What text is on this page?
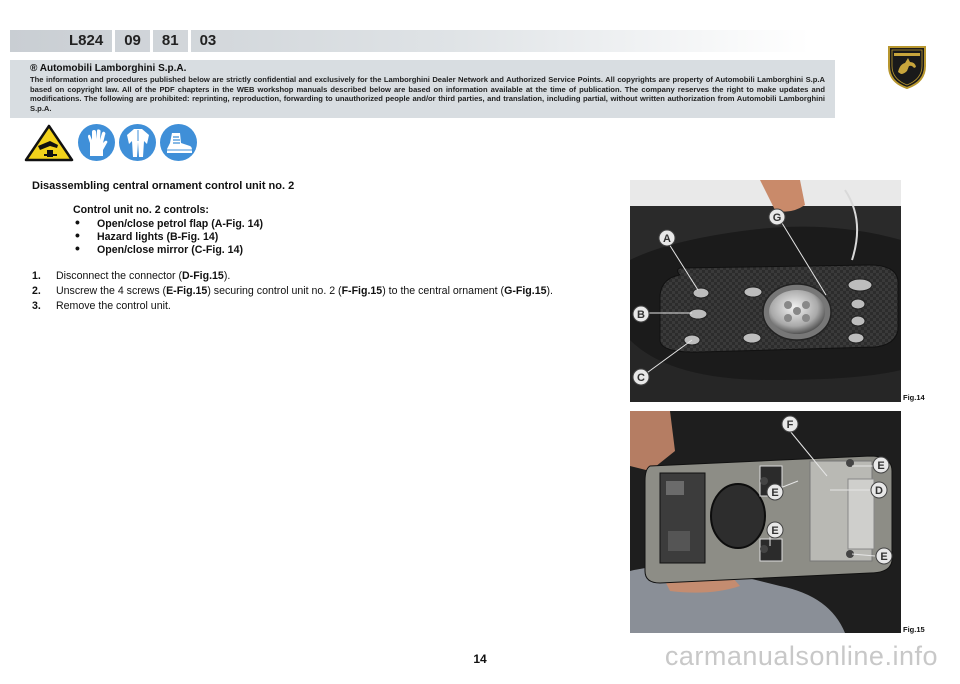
L824	09	81	03
® Automobili Lamborghini S.p.A.
The information and procedures published below are strictly confidential and exclusively for the Lamborghini Dealer Network and Authorized Service Points. All copyrights are property of Automobili Lamborghini S.p.A based on copyright law. All of the PDF chapters in the WEB workshop manuals described below are based on information available at the time of publication. The company reserves the right to make updates and modifications. The following are prohibited: reprinting, reproduction, forwarding to unauthorized people and/or third parties, and translation, including partial, without written authorization from Automobili Lamborghini S.p.A.
Disassembling central ornament control unit no. 2
Control unit no. 2 controls:
• Open/close petrol flap (A-Fig. 14)
• Hazard lights (B-Fig. 14)
• Open/close mirror (C-Fig. 14)
1.	Disconnect the connector (D-Fig.15).
2.	Unscrew the 4 screws (E-Fig.15) securing control unit no. 2 (F-Fig.15) to the central ornament (G-Fig.15).
3.	Remove the control unit.
G
A
B
C
Fig.14
F
E
E	D
E
E
Fig.15
14	carmanualsonline.info
